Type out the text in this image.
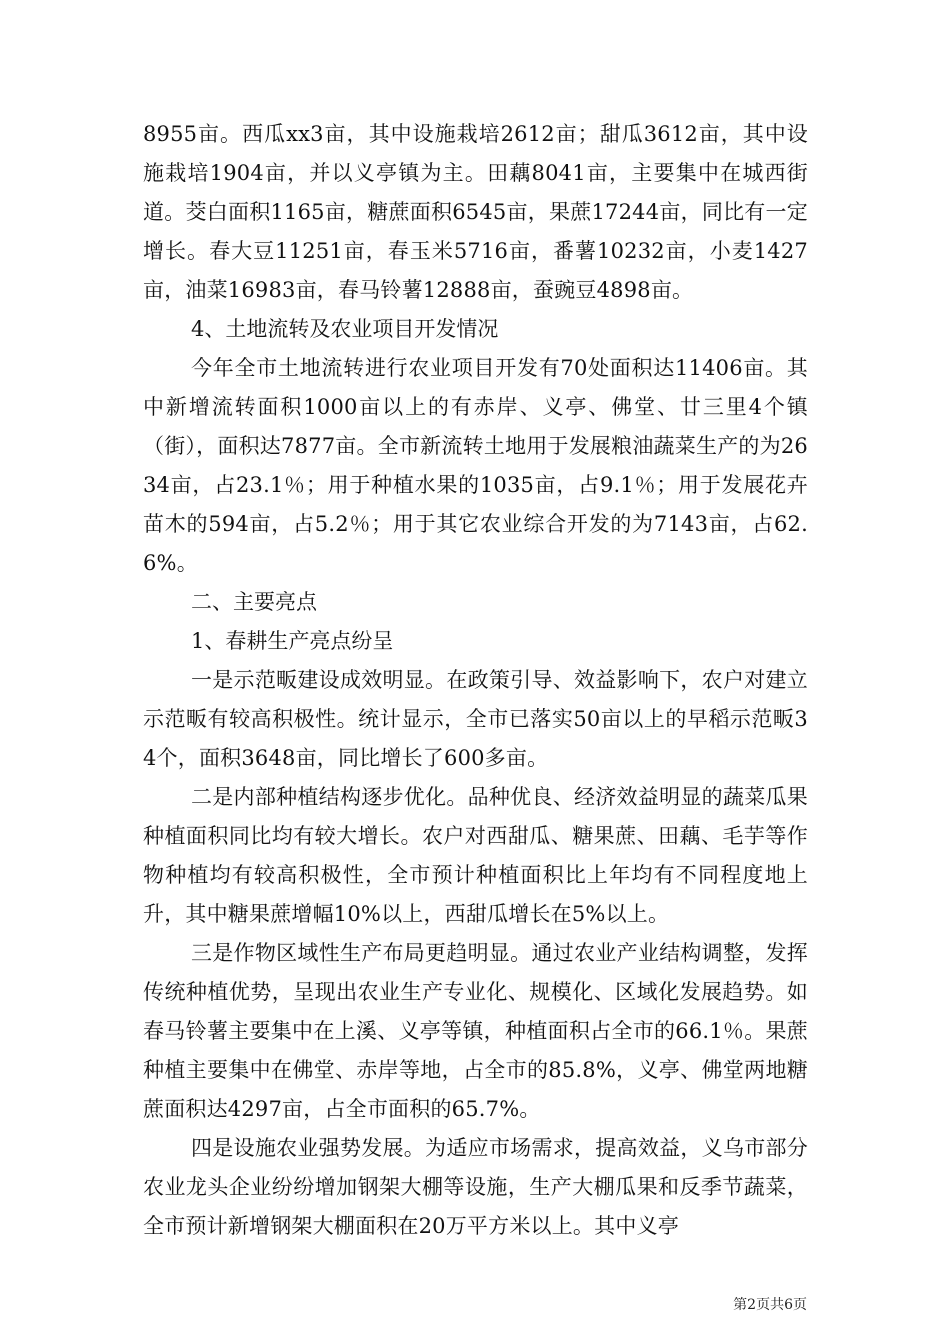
8955亩。西瓜xx3亩，其中设施栽培2612亩；甜瓜3612亩，其中设施栽培1904亩，并以义亭镇为主。田藕8041亩，主要集中在城西街道。茭白面积1165亩，糖蔗面积6545亩，果蔗17244亩，同比有一定增长。春大豆11251亩，春玉米5716亩，番薯10232亩，小麦1427亩，油菜16983亩，春马铃薯12888亩，蚕豌豆4898亩。

4、土地流转及农业项目开发情况

今年全市土地流转进行农业项目开发有70处面积达11406亩。其中新增流转面积1000亩以上的有赤岸、义亭、佛堂、廿三里4个镇（街），面积达7877亩。全市新流转土地用于发展粮油蔬菜生产的为2634亩，占23.1％；用于种植水果的1035亩，占9.1％；用于发展花卉苗木的594亩，占5.2％；用于其它农业综合开发的为7143亩，占62.6%。

二、主要亮点

1、春耕生产亮点纷呈

一是示范畈建设成效明显。在政策引导、效益影响下，农户对建立示范畈有较高积极性。统计显示，全市已落实50亩以上的早稻示范畈34个，面积3648亩，同比增长了600多亩。

二是内部种植结构逐步优化。品种优良、经济效益明显的蔬菜瓜果种植面积同比均有较大增长。农户对西甜瓜、糖果蔗、田藕、毛芋等作物种植均有较高积极性，全市预计种植面积比上年均有不同程度地上升，其中糖果蔗增幅10%以上，西甜瓜增长在5%以上。

三是作物区域性生产布局更趋明显。通过农业产业结构调整，发挥传统种植优势，呈现出农业生产专业化、规模化、区域化发展趋势。如春马铃薯主要集中在上溪、义亭等镇，种植面积占全市的66.1％。果蔗种植主要集中在佛堂、赤岸等地，占全市的85.8%，义亭、佛堂两地糖蔗面积达4297亩，占全市面积的65.7%。

四是设施农业强势发展。为适应市场需求，提高效益，义乌市部分农业龙头企业纷纷增加钢架大棚等设施，生产大棚瓜果和反季节蔬菜，全市预计新增钢架大棚面积在20万平方米以上。其中义亭

第2页共6页
